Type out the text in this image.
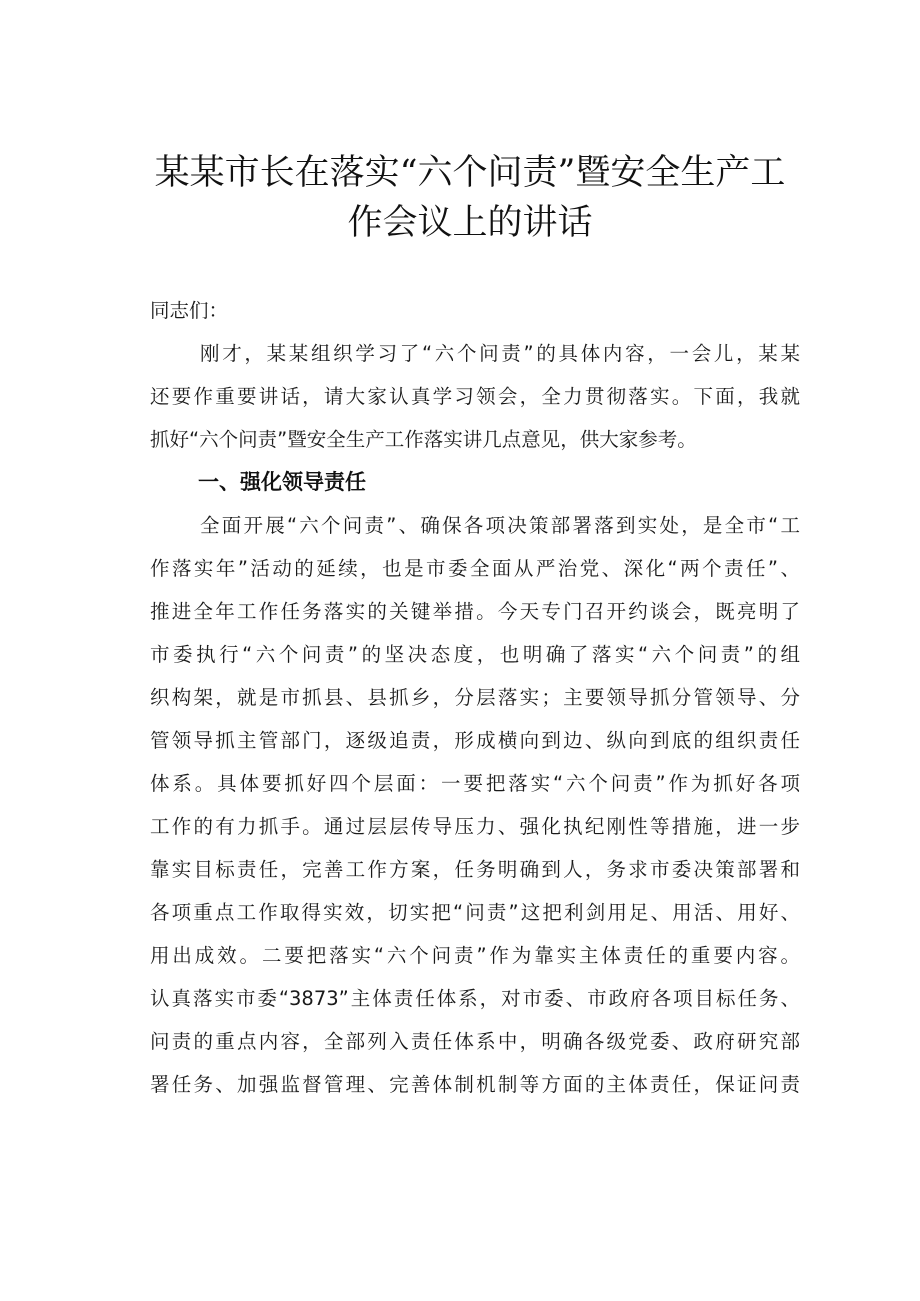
某某市长在落实“六个问责”暨安全生产工
作会议上的讲话
同志们：
刚才，某某组织学习了“六个问责”的具体内容，一会儿，某某
还要作重要讲话，请大家认真学习领会，全力贯彻落实。下面，我就
抓好“六个问责”暨安全生产工作落实讲几点意见，供大家参考。
一、强化领导责任
全面开展“六个问责”、确保各项决策部署落到实处，是全市“工
作落实年”活动的延续，也是市委全面从严治党、深化“两个责任”、
推进全年工作任务落实的关键举措。今天专门召开约谈会，既亮明了
市委执行“六个问责”的坚决态度，也明确了落实“六个问责”的组
织构架，就是市抓县、县抓乡，分层落实；主要领导抓分管领导、分
管领导抓主管部门，逐级追责，形成横向到边、纵向到底的组织责任
体系。具体要抓好四个层面：一要把落实“六个问责”作为抓好各项
工作的有力抓手。通过层层传导压力、强化执纪刚性等措施，进一步
靠实目标责任，完善工作方案，任务明确到人，务求市委决策部署和
各项重点工作取得实效，切实把“问责”这把利剑用足、用活、用好、
用出成效。二要把落实“六个问责”作为靠实主体责任的重要内容。
认真落实市委“3873”主体责任体系，对市委、市政府各项目标任务、
问责的重点内容，全部列入责任体系中，明确各级党委、政府研究部
署任务、加强监督管理、完善体制机制等方面的主体责任，保证问责
